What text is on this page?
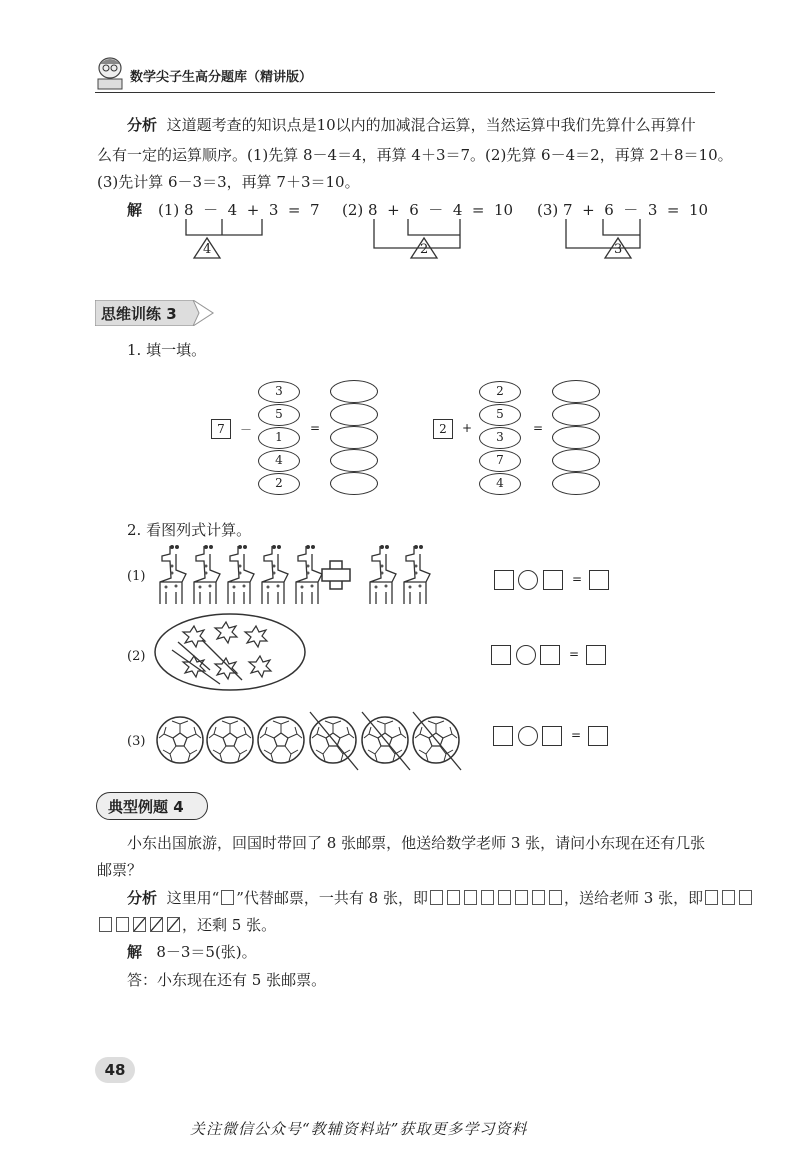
数学尖子生高分题库（精讲版）
分析 这道题考查的知识点是10以内的加减混合运算，当然运算中我们先算什么再算什
么有一定的运算顺序。(1)先算 8－4＝4，再算 4＋3＝7。(2)先算 6－4＝2，再算 2＋8＝10。
(3)先计算 6－3＝3，再算 7＋3＝10。
解 (1) 8  －  4  +  3  =  7 (2) 8  +  6  －  4  =  10 (3) 7  +  6  －  3  =  10
4	2	3
思维训练 3
1. 填一填。
7	－
3
5
1
4
2
=	2	+
2
5
3
7
4
=
2. 看图列式计算。
(1)	=
(2)	=
(3)	=
典型例题 4
小东出国旅游，回国时带回了 8 张邮票，他送给数学老师 3 张，请问小东现在还有几张
邮票？
分析 这里用“ ”代替邮票，一共有 8 张，即	，送给老师 3 张，即
，还剩 5 张。
解 8－3＝5(张)。
答：小东现在还有 5 张邮票。
48
关注微信公众号“教辅资料站”获取更多学习资料
